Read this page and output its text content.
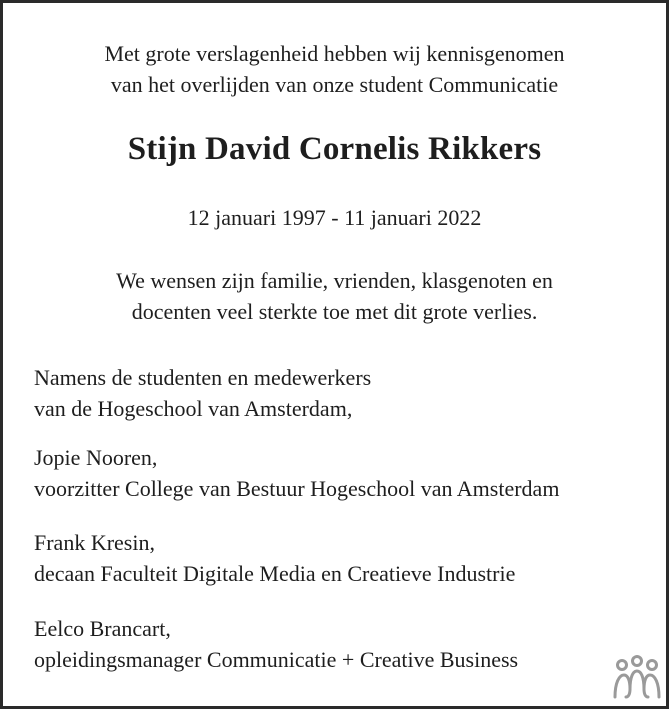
Met grote verslagenheid hebben wij kennisgenomen
van het overlijden van onze student Communicatie
Stijn David Cornelis Rikkers
12 januari 1997 - 11 januari 2022
We wensen zijn familie, vrienden, klasgenoten en
docenten veel sterkte toe met dit grote verlies.
Namens de studenten en medewerkers
van de Hogeschool van Amsterdam,
Jopie Nooren,
voorzitter College van Bestuur Hogeschool van Amsterdam
Frank Kresin,
decaan Faculteit Digitale Media en Creatieve Industrie
Eelco Brancart,
opleidingsmanager Communicatie + Creative Business
